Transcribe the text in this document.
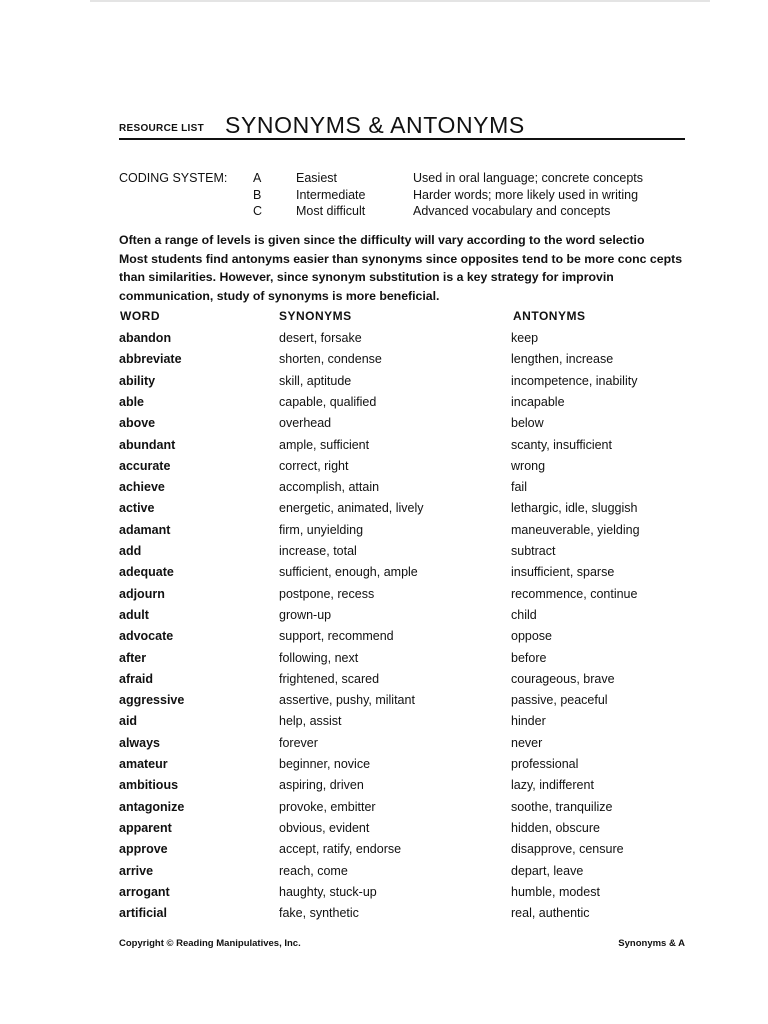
RESOURCE LIST SYNONYMS & ANTONYMS
CODING SYSTEM: A	Easiest	Used in oral language; concrete concepts
B	Intermediate	Harder words; more likely used in writing
C	Most difficult	Advanced vocabulary and concepts
Often a range of levels is given since the difficulty will vary according to the word selectio
Most students find antonyms easier than synonyms since opposites tend to be more conc cepts than similarities. However, since synonym substitution is a key strategy for improvin communication, study of synonyms is more beneficial.
WORD	SYNONYMS	ANTONYMS
abandon	desert, forsake	keep
abbreviate	shorten, condense	lengthen, increase
ability	skill, aptitude	incompetence, inability
able	capable, qualified	incapable
above	overhead	below
abundant	ample, sufficient	scanty, insufficient
accurate	correct, right	wrong
achieve	accomplish, attain	fail
active	energetic, animated, lively	lethargic, idle, sluggish
adamant	firm, unyielding	maneuverable, yielding
add	increase, total	subtract
adequate	sufficient, enough, ample	insufficient, sparse
adjourn	postpone, recess	recommence, continue
adult	grown-up	child
advocate	support, recommend	oppose
after	following, next	before
afraid	frightened, scared	courageous, brave
aggressive	assertive, pushy, militant	passive, peaceful
aid	help, assist	hinder
always	forever	never
amateur	beginner, novice	professional
ambitious	aspiring, driven	lazy, indifferent
antagonize	provoke, embitter	soothe, tranquilize
apparent	obvious, evident	hidden, obscure
approve	accept, ratify, endorse	disapprove, censure
arrive	reach, come	depart, leave
arrogant	haughty, stuck-up	humble, modest
artificial	fake, synthetic	real, authentic
Copyright © Reading Manipulatives, Inc.	Synonyms & A
